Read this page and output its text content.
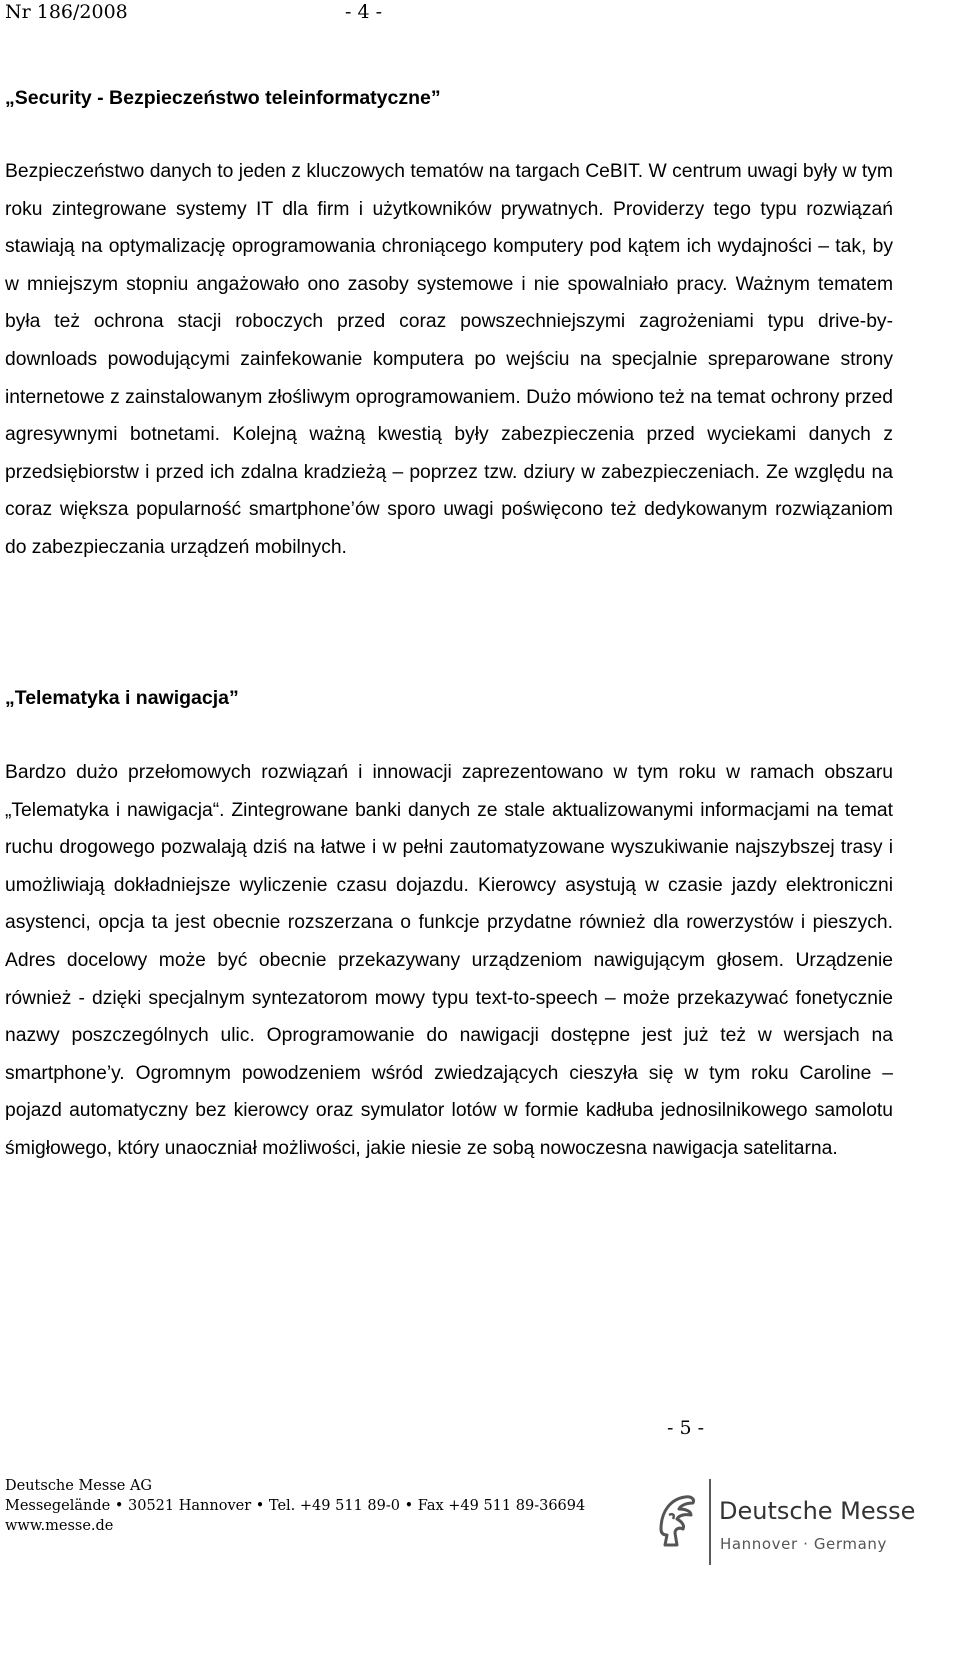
Nr 186/2008	- 4 -
„Security - Bezpieczeństwo teleinformatyczne”
Bezpieczeństwo danych to jeden z kluczowych tematów na targach CeBIT. W centrum uwagi były w tym roku zintegrowane systemy IT dla firm i użytkowników prywatnych. Providerzy tego typu rozwiązań stawiają na optymalizację oprogramowania chroniącego komputery pod kątem ich wydajności – tak, by w mniejszym stopniu angażowało ono zasoby systemowe i nie spowalniało pracy. Ważnym tematem była też ochrona stacji roboczych przed coraz powszechniejszymi zagrożeniami typu drive-by-downloads powodującymi zainfekowanie komputera po wejściu na specjalnie spreparowane strony internetowe z zainstalowanym złośliwym oprogramowaniem. Dużo mówiono też na temat ochrony przed agresywnymi botnetami. Kolejną ważną kwestią były zabezpieczenia przed wyciekami danych z przedsiębiorstw i przed ich zdalna kradzieżą – poprzez tzw. dziury w zabezpieczeniach. Ze względu na coraz większa popularność smartphone’ów sporo uwagi poświęcono też dedykowanym rozwiązaniom do zabezpieczania urządzeń mobilnych.
„Telematyka i nawigacja”
Bardzo dużo przełomowych rozwiązań i innowacji zaprezentowano w tym roku w ramach obszaru „Telematyka i nawigacja“. Zintegrowane banki danych ze stale aktualizowanymi informacjami na temat ruchu drogowego pozwalają dziś na łatwe i w pełni zautomatyzowane wyszukiwanie najszybszej trasy i umożliwiają dokładniejsze wyliczenie czasu dojazdu. Kierowcy asystują w czasie jazdy elektroniczni asystenci, opcja ta jest obecnie rozszerzana o funkcje przydatne również dla rowerzystów i pieszych. Adres docelowy może być obecnie przekazywany urządzeniom nawigującym głosem. Urządzenie również - dzięki specjalnym syntezatorom mowy typu text-to-speech – może przekazywać fonetycznie nazwy poszczególnych ulic. Oprogramowanie do nawigacji dostępne jest już też w wersjach na smartphone’y. Ogromnym powodzeniem wśród zwiedzających cieszyła się w tym roku Caroline – pojazd automatyczny bez kierowcy oraz symulator lotów w formie kadłuba jednosilnikowego samolotu śmigłowego, który unaoczniał możliwości, jakie niesie ze sobą nowoczesna nawigacja satelitarna.
- 5 -
Deutsche Messe AG
Messegelände • 30521 Hannover • Tel. +49 511 89-0 • Fax +49 511 89-36694
www.messe.de
Deutsche Messe
Hannover · Germany
